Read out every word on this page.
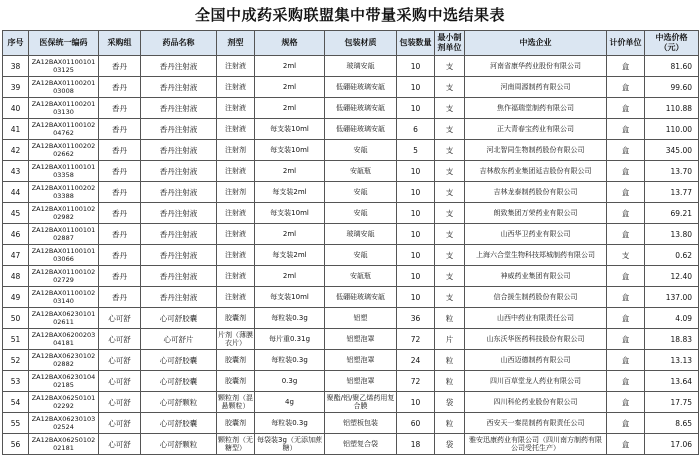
全国中成药采购联盟集中带量采购中选结果表
序号	医保统一编码	采购组	药品名称	剂型	规格	包装材质	包装数量	最小制剂单位	中选企业	计价单位	中选价格（元）
38	ZA12BAX0110010103125	香丹	香丹注射液	注射液	2ml	玻璃安瓿	10	支	河南省康华药业股份有限公司	盒	81.60
39	ZA12BAX0110020103008	香丹	香丹注射液	注射液	2ml	低硼硅玻璃安瓿	10	支	河南周源制药有限公司	盒	99.60
40	ZA12BAX0110020103130	香丹	香丹注射液	注射液	2ml	低硼硅玻璃安瓿	10	支	焦作福瑞堂制药有限公司	盒	110.88
41	ZA12BAX0110010204762	香丹	香丹注射液	注射液	每支装10ml	低硼硅玻璃安瓿	6	支	正大青春宝药业有限公司	盒	110.00
42	ZA12BAX0110020202662	香丹	香丹注射液	注射剂	每支装10ml	安瓿	5	支	河北智同生物制药股份有限公司	盒	345.00
43	ZA12BAX0110010103358	香丹	香丹注射液	注射液	2ml	安瓿瓶	10	支	吉林敖东药业集团延吉股份有限公司	盒	13.70
44	ZA12BAX0110020203388	香丹	香丹注射液	注射剂	每支装2ml	安瓿	10	支	吉林龙泰制药股份有限公司	盒	13.77
45	ZA12BAX0110010202982	香丹	香丹注射液	注射液	每支装10ml	安瓿	10	支	朗致集团万荣药业有限公司	盒	69.21
46	ZA12BAX0110010102887	香丹	香丹注射液	注射液	2ml	玻璃安瓿	10	支	山西华卫药业有限公司	盒	13.80
47	ZA12BAX0110010103066	香丹	香丹注射液	注射液	每支装2ml	安瓿	10	支	上海六合堂生物科技郑城制药有限公司	支	0.62
48	ZA12BAX0110010202729	香丹	香丹注射液	注射液	2ml	安瓿瓶	10	支	神威药业集团有限公司	盒	12.40
49	ZA12BAX0110010203140	香丹	香丹注射液	注射液	每支装10ml	低硼硅玻璃安瓿	10	支	信合援生制药股份有限公司	盒	137.00
50	ZA12BAX0623010102611	心可舒	心可舒胶囊	胶囊剂	每粒装0.3g	铝塑	36	粒	山西中药业有限责任公司	盒	4.09
51	ZA12BAX0620020304181	心可舒	心可舒片	片剂（薄膜衣片）	每片重0.31g	铝塑泡罩	72	片	山东沃华医药科技股份有限公司	盒	18.83
52	ZA12BAX0623010202882	心可舒	心可舒胶囊	胶囊剂	每粒装0.3g	铝塑泡罩	24	粒	山西迈德制药有限公司	盒	13.13
53	ZA12BAX0623010402185	心可舒	心可舒胶囊	胶囊剂	0.3g	铝塑泡罩	72	粒	四川百草堂龙人药业有限公司	盒	13.64
54	ZA12BAX0625010102292	心可舒	心可舒颗粒	颗粒剂（混悬颗粒）	4g	聚酯/铝/聚乙烯药用复合膜	10	袋	四川科伦药业股份有限公司	盒	17.75
55	ZA12BAX0623010302524	心可舒	心可舒胶囊	胶囊剂	每粒装0.3g	铝塑板包装	60	粒	西安天一秦昆制药有限责任公司	盒	8.65
56	ZA12BAX0625010202181	心可舒	心可舒颗粒	颗粒剂（无糖型）	每袋装3g（无添加蔗糖）	铝塑复合袋	18	袋	雅安迅康药业有限公司（四川南方制药有限公司受托生产）	盒	17.06
